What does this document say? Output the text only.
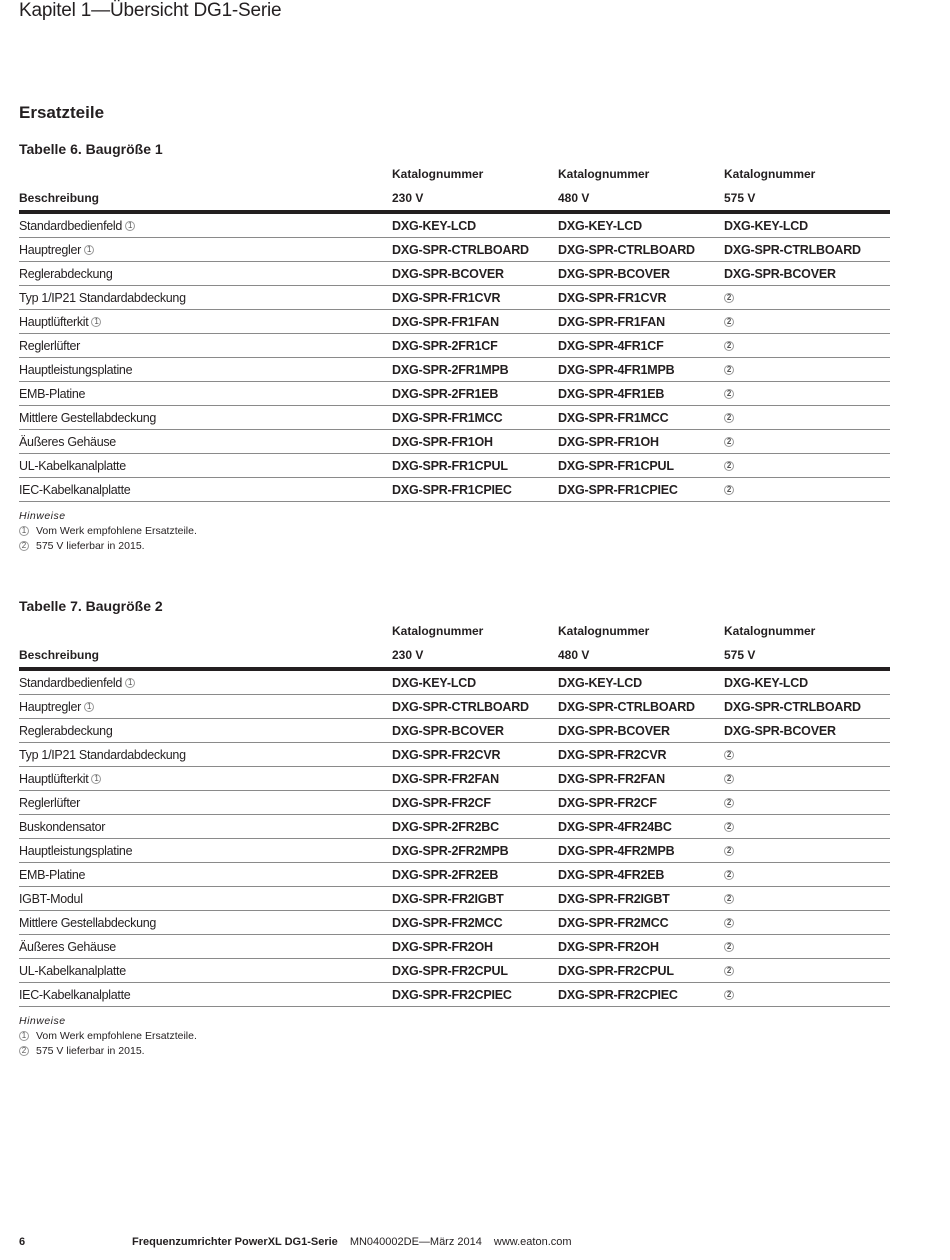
Kapitel 1—Übersicht DG1-Serie
Ersatzteile
Tabelle 6. Baugröße 1
Katalognummer	Katalognummer	Katalognummer
Beschreibung	230 V	480 V	575 V
Standardbedienfeld 1	DXG-KEY-LCD	DXG-KEY-LCD	DXG-KEY-LCD
Hauptregler 1	DXG-SPR-CTRLBOARD	DXG-SPR-CTRLBOARD	DXG-SPR-CTRLBOARD
Reglerabdeckung	DXG-SPR-BCOVER	DXG-SPR-BCOVER	DXG-SPR-BCOVER
Typ 1/IP21 Standardabdeckung	DXG-SPR-FR1CVR	DXG-SPR-FR1CVR	2
Hauptlüfterkit 1	DXG-SPR-FR1FAN	DXG-SPR-FR1FAN	2
Reglerlüfter	DXG-SPR-2FR1CF	DXG-SPR-4FR1CF	2
Hauptleistungsplatine	DXG-SPR-2FR1MPB	DXG-SPR-4FR1MPB	2
EMB-Platine	DXG-SPR-2FR1EB	DXG-SPR-4FR1EB	2
Mittlere Gestellabdeckung	DXG-SPR-FR1MCC	DXG-SPR-FR1MCC	2
Äußeres Gehäuse	DXG-SPR-FR1OH	DXG-SPR-FR1OH	2
UL-Kabelkanalplatte	DXG-SPR-FR1CPUL	DXG-SPR-FR1CPUL	2
IEC-Kabelkanalplatte	DXG-SPR-FR1CPIEC	DXG-SPR-FR1CPIEC	2
Hinweise
1 Vom Werk empfohlene Ersatzteile.
2 575 V lieferbar in 2015.
Tabelle 7. Baugröße 2
Katalognummer	Katalognummer	Katalognummer
Beschreibung	230 V	480 V	575 V
Standardbedienfeld 1	DXG-KEY-LCD	DXG-KEY-LCD	DXG-KEY-LCD
Hauptregler 1	DXG-SPR-CTRLBOARD	DXG-SPR-CTRLBOARD	DXG-SPR-CTRLBOARD
Reglerabdeckung	DXG-SPR-BCOVER	DXG-SPR-BCOVER	DXG-SPR-BCOVER
Typ 1/IP21 Standardabdeckung	DXG-SPR-FR2CVR	DXG-SPR-FR2CVR	2
Hauptlüfterkit 1	DXG-SPR-FR2FAN	DXG-SPR-FR2FAN	2
Reglerlüfter	DXG-SPR-FR2CF	DXG-SPR-FR2CF	2
Buskondensator	DXG-SPR-2FR2BC	DXG-SPR-4FR24BC	2
Hauptleistungsplatine	DXG-SPR-2FR2MPB	DXG-SPR-4FR2MPB	2
EMB-Platine	DXG-SPR-2FR2EB	DXG-SPR-4FR2EB	2
IGBT-Modul	DXG-SPR-FR2IGBT	DXG-SPR-FR2IGBT	2
Mittlere Gestellabdeckung	DXG-SPR-FR2MCC	DXG-SPR-FR2MCC	2
Äußeres Gehäuse	DXG-SPR-FR2OH	DXG-SPR-FR2OH	2
UL-Kabelkanalplatte	DXG-SPR-FR2CPUL	DXG-SPR-FR2CPUL	2
IEC-Kabelkanalplatte	DXG-SPR-FR2CPIEC	DXG-SPR-FR2CPIEC	2
Hinweise
1 Vom Werk empfohlene Ersatzteile.
2 575 V lieferbar in 2015.
6	Frequenzumrichter PowerXL DG1-Serie MN040002DE—März 2014 www.eaton.com
